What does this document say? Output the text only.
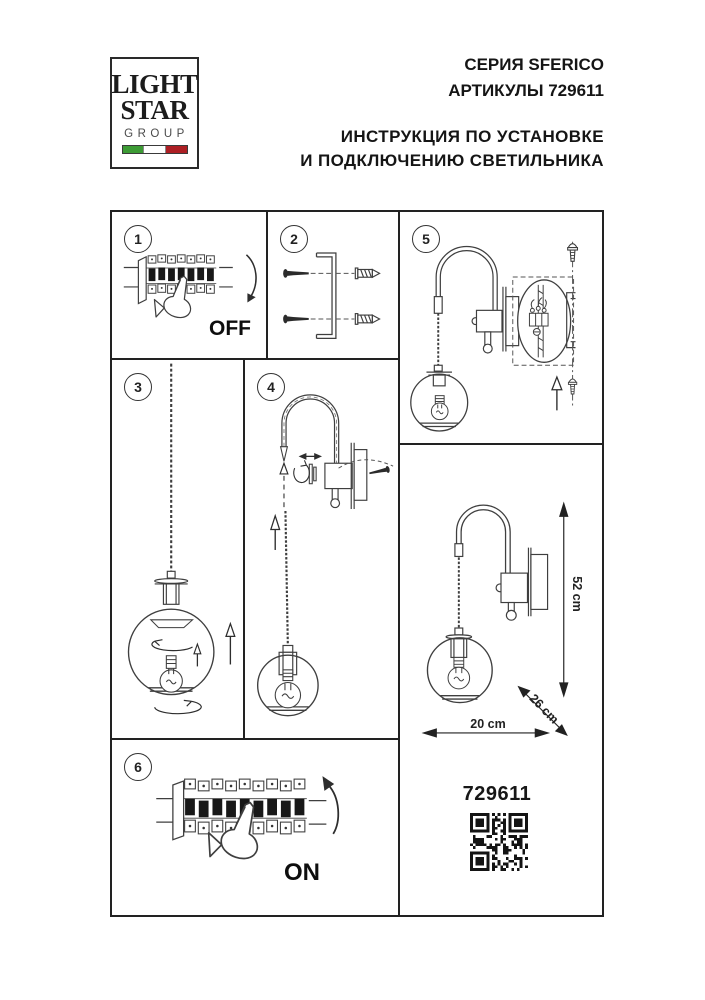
LIGHT
STAR
GROUP
СЕРИЯ SFERICO
АРТИКУЛЫ 729611
ИНСТРУКЦИЯ ПО УСТАНОВКЕ
И ПОДКЛЮЧЕНИЮ СВЕТИЛЬНИКА
1
OFF
2	5
3	4
52 cm
26 cm
20 cm
729611
6
ON
